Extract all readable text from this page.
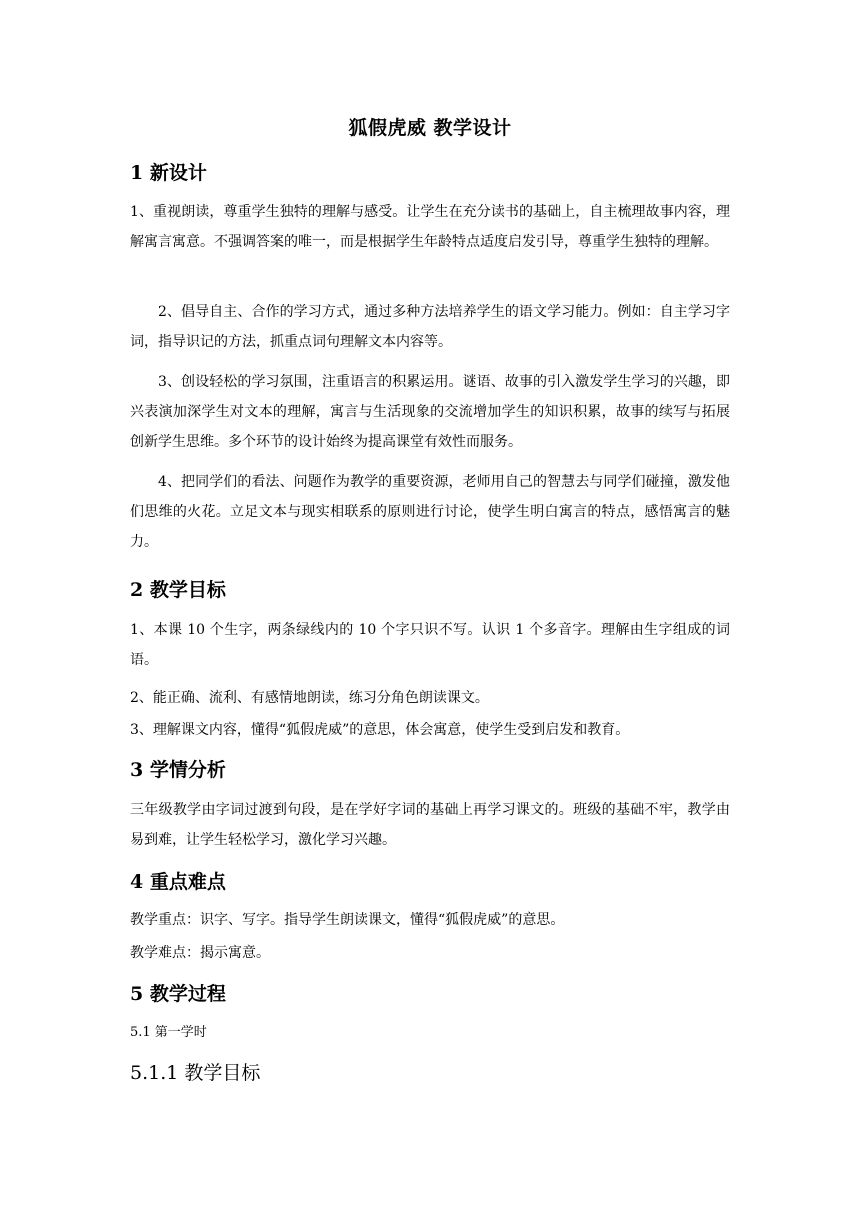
狐假虎威 教学设计
1 新设计
1、重视朗读，尊重学生独特的理解与感受。让学生在充分读书的基础上，自主梳理故事内容，理解寓言寓意。不强调答案的唯一，而是根据学生年龄特点适度启发引导，尊重学生独特的理解。
2、倡导自主、合作的学习方式，通过多种方法培养学生的语文学习能力。例如：自主学习字词，指导识记的方法，抓重点词句理解文本内容等。
3、创设轻松的学习氛围，注重语言的积累运用。谜语、故事的引入激发学生学习的兴趣，即兴表演加深学生对文本的理解，寓言与生活现象的交流增加学生的知识积累，故事的续写与拓展创新学生思维。多个环节的设计始终为提高课堂有效性而服务。
4、把同学们的看法、问题作为教学的重要资源，老师用自己的智慧去与同学们碰撞，激发他们思维的火花。立足文本与现实相联系的原则进行讨论，使学生明白寓言的特点，感悟寓言的魅力。
2 教学目标
1、本课 10 个生字，两条绿线内的 10 个字只识不写。认识 1 个多音字。理解由生字组成的词语。
2、能正确、流利、有感情地朗读，练习分角色朗读课文。
3、理解课文内容，懂得“狐假虎威”的意思，体会寓意，使学生受到启发和教育。
3 学情分析
三年级教学由字词过渡到句段，是在学好字词的基础上再学习课文的。班级的基础不牢，教学由易到难，让学生轻松学习，激化学习兴趣。
4 重点难点
教学重点：识字、写字。指导学生朗读课文，懂得“狐假虎威”的意思。
教学难点：揭示寓意。
5 教学过程
5.1 第一学时
5.1.1 教学目标
